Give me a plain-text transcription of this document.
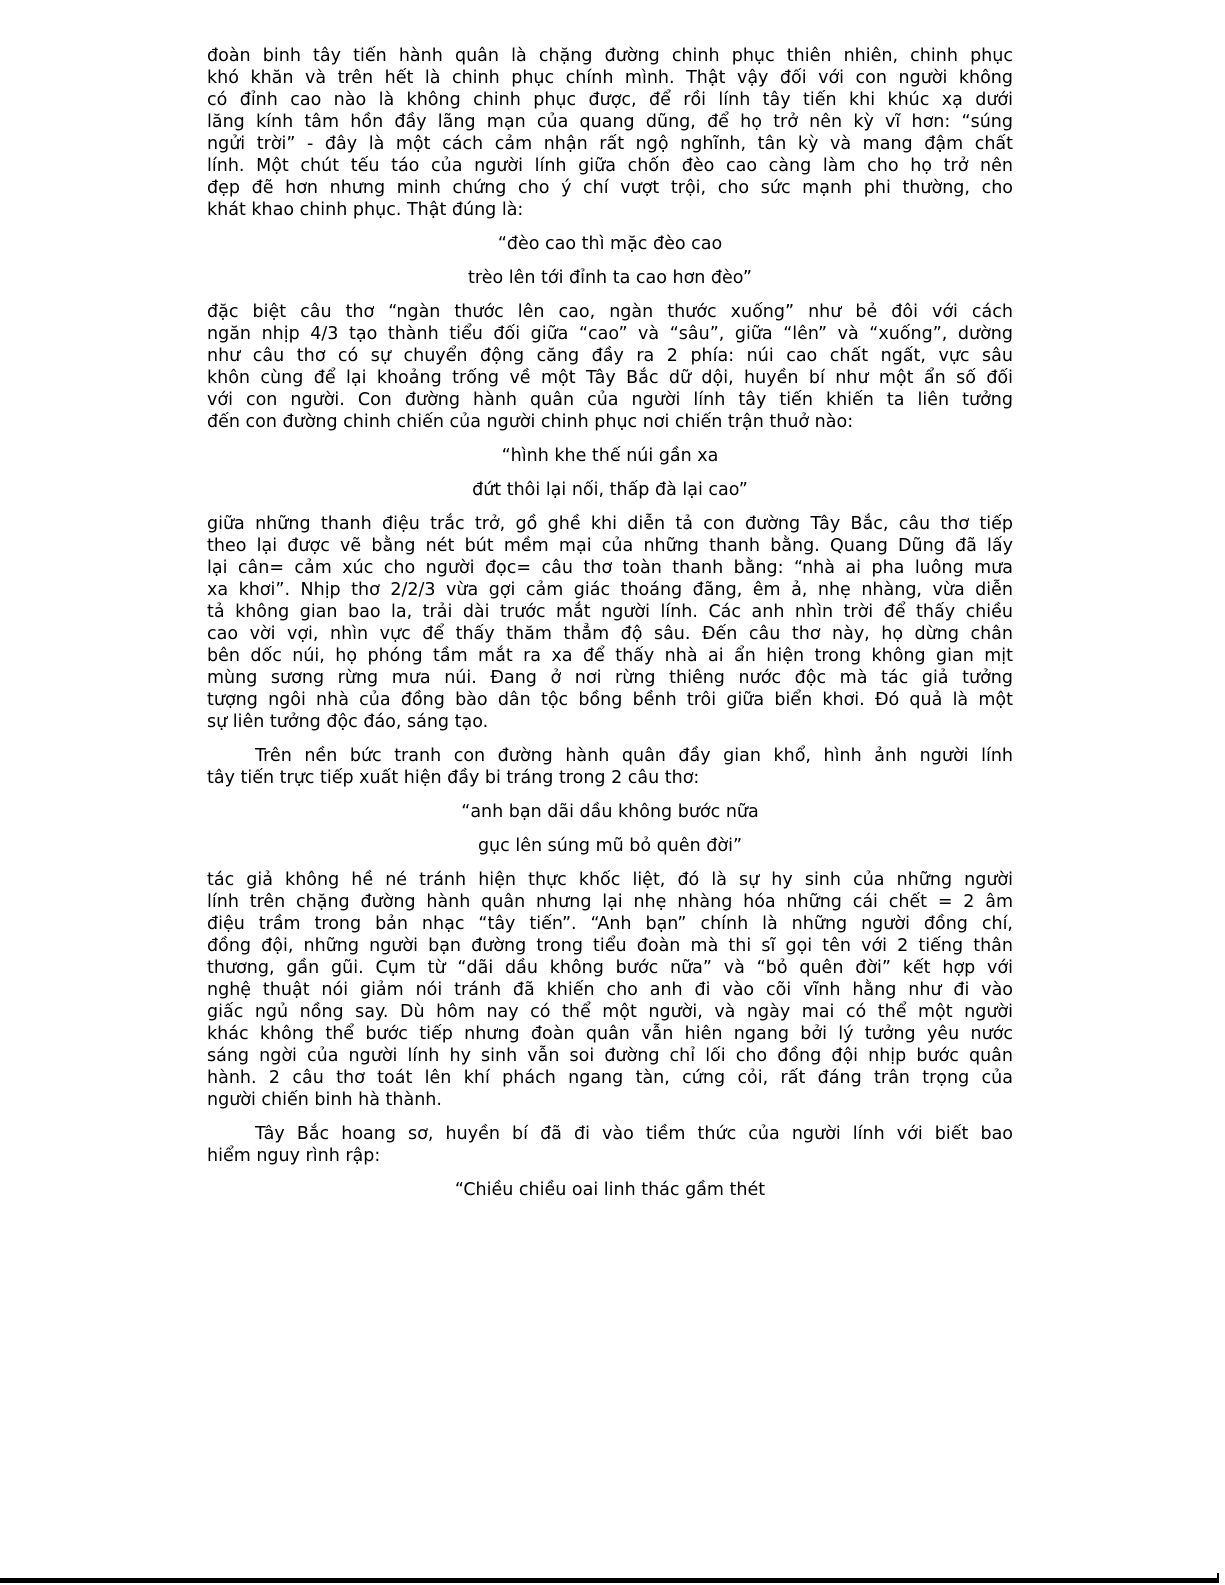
đoàn binh tây tiến hành quân là chặng đường chinh phục thiên nhiên, chinh phục
khó khăn và trên hết là chinh phục chính mình. Thật vậy đối với con người không
có đỉnh cao nào là không chinh phục được, để rồi lính tây tiến khi khúc xạ dưới
lăng kính tâm hồn đầy lãng mạn của quang dũng, để họ trở nên kỳ vĩ hơn: “súng
ngửi trời” - đây là một cách cảm nhận rất ngộ nghĩnh, tân kỳ và mang đậm chất
lính. Một chút tếu táo của người lính giữa chốn đèo cao càng làm cho họ trở nên
đẹp đẽ hơn nhưng minh chứng cho ý chí vượt trội, cho sức mạnh phi thường, cho
khát khao chinh phục. Thật đúng là:
“đèo cao thì mặc đèo cao
trèo lên tới đỉnh ta cao hơn đèo”
đặc biệt câu thơ “ngàn thước lên cao, ngàn thước xuống” như bẻ đôi với cách
ngăn nhịp 4/3 tạo thành tiểu đối giữa “cao” và “sâu”, giữa “lên” và “xuống”, dường
như câu thơ có sự chuyển động căng đầy ra 2 phía: núi cao chất ngất, vực sâu
khôn cùng để lại khoảng trống về một Tây Bắc dữ dội, huyền bí như một ẩn số đối
với con người. Con đường hành quân của người lính tây tiến khiến ta liên tưởng
đến con đường chinh chiến của người chinh phục nơi chiến trận thuở nào:
“hình khe thế núi gần xa
đứt thôi lại nối, thấp đà lại cao”
giữa những thanh điệu trắc trở, gồ ghề khi diễn tả con đường Tây Bắc, câu thơ tiếp
theo lại được vẽ bằng nét bút mềm mại của những thanh bằng. Quang Dũng đã lấy
lại cân= cảm xúc cho người đọc= câu thơ toàn thanh bằng: “nhà ai pha luông mưa
xa khơi”. Nhịp thơ 2/2/3 vừa gợi cảm giác thoáng đãng, êm ả, nhẹ nhàng, vừa diễn
tả không gian bao la, trải dài trước mắt người lính. Các anh nhìn trời để thấy chiều
cao vời vợi, nhìn vực để thấy thăm thẳm độ sâu. Đến câu thơ này, họ dừng chân
bên dốc núi, họ phóng tầm mắt ra xa để thấy nhà ai ẩn hiện trong không gian mịt
mùng sương rừng mưa núi. Đang ở nơi rừng thiêng nước độc mà tác giả tưởng
tượng ngôi nhà của đồng bào dân tộc bồng bềnh trôi giữa biển khơi. Đó quả là một
sự liên tưởng độc đáo, sáng tạo.
Trên nền bức tranh con đường hành quân đầy gian khổ, hình ảnh người lính
tây tiến trực tiếp xuất hiện đầy bi tráng trong 2 câu thơ:
“anh bạn dãi dầu không bước nữa
gục lên súng mũ bỏ quên đời”
tác giả không hề né tránh hiện thực khốc liệt, đó là sự hy sinh của những người
lính trên chặng đường hành quân nhưng lại nhẹ nhàng hóa những cái chết = 2 âm
điệu trầm trong bản nhạc “tây tiến”. “Anh bạn” chính là những người đồng chí,
đồng đội, những người bạn đường trong tiểu đoàn mà thi sĩ gọi tên với 2 tiếng thân
thương, gần gũi. Cụm từ “dãi dầu không bước nữa” và “bỏ quên đời” kết hợp với
nghệ thuật nói giảm nói tránh đã khiến cho anh đi vào cõi vĩnh hằng như đi vào
giấc ngủ nồng say. Dù hôm nay có thể một người, và ngày mai có thể một người
khác không thể bước tiếp nhưng đoàn quân vẫn hiên ngang bởi lý tưởng yêu nước
sáng ngời của người lính hy sinh vẫn soi đường chỉ lối cho đồng đội nhịp bước quân
hành. 2 câu thơ toát lên khí phách ngang tàn, cứng cỏi, rất đáng trân trọng của
người chiến binh hà thành.
Tây Bắc hoang sơ, huyền bí đã đi vào tiềm thức của người lính với biết bao
hiểm nguy rình rập:
“Chiều chiều oai linh thác gầm thét
